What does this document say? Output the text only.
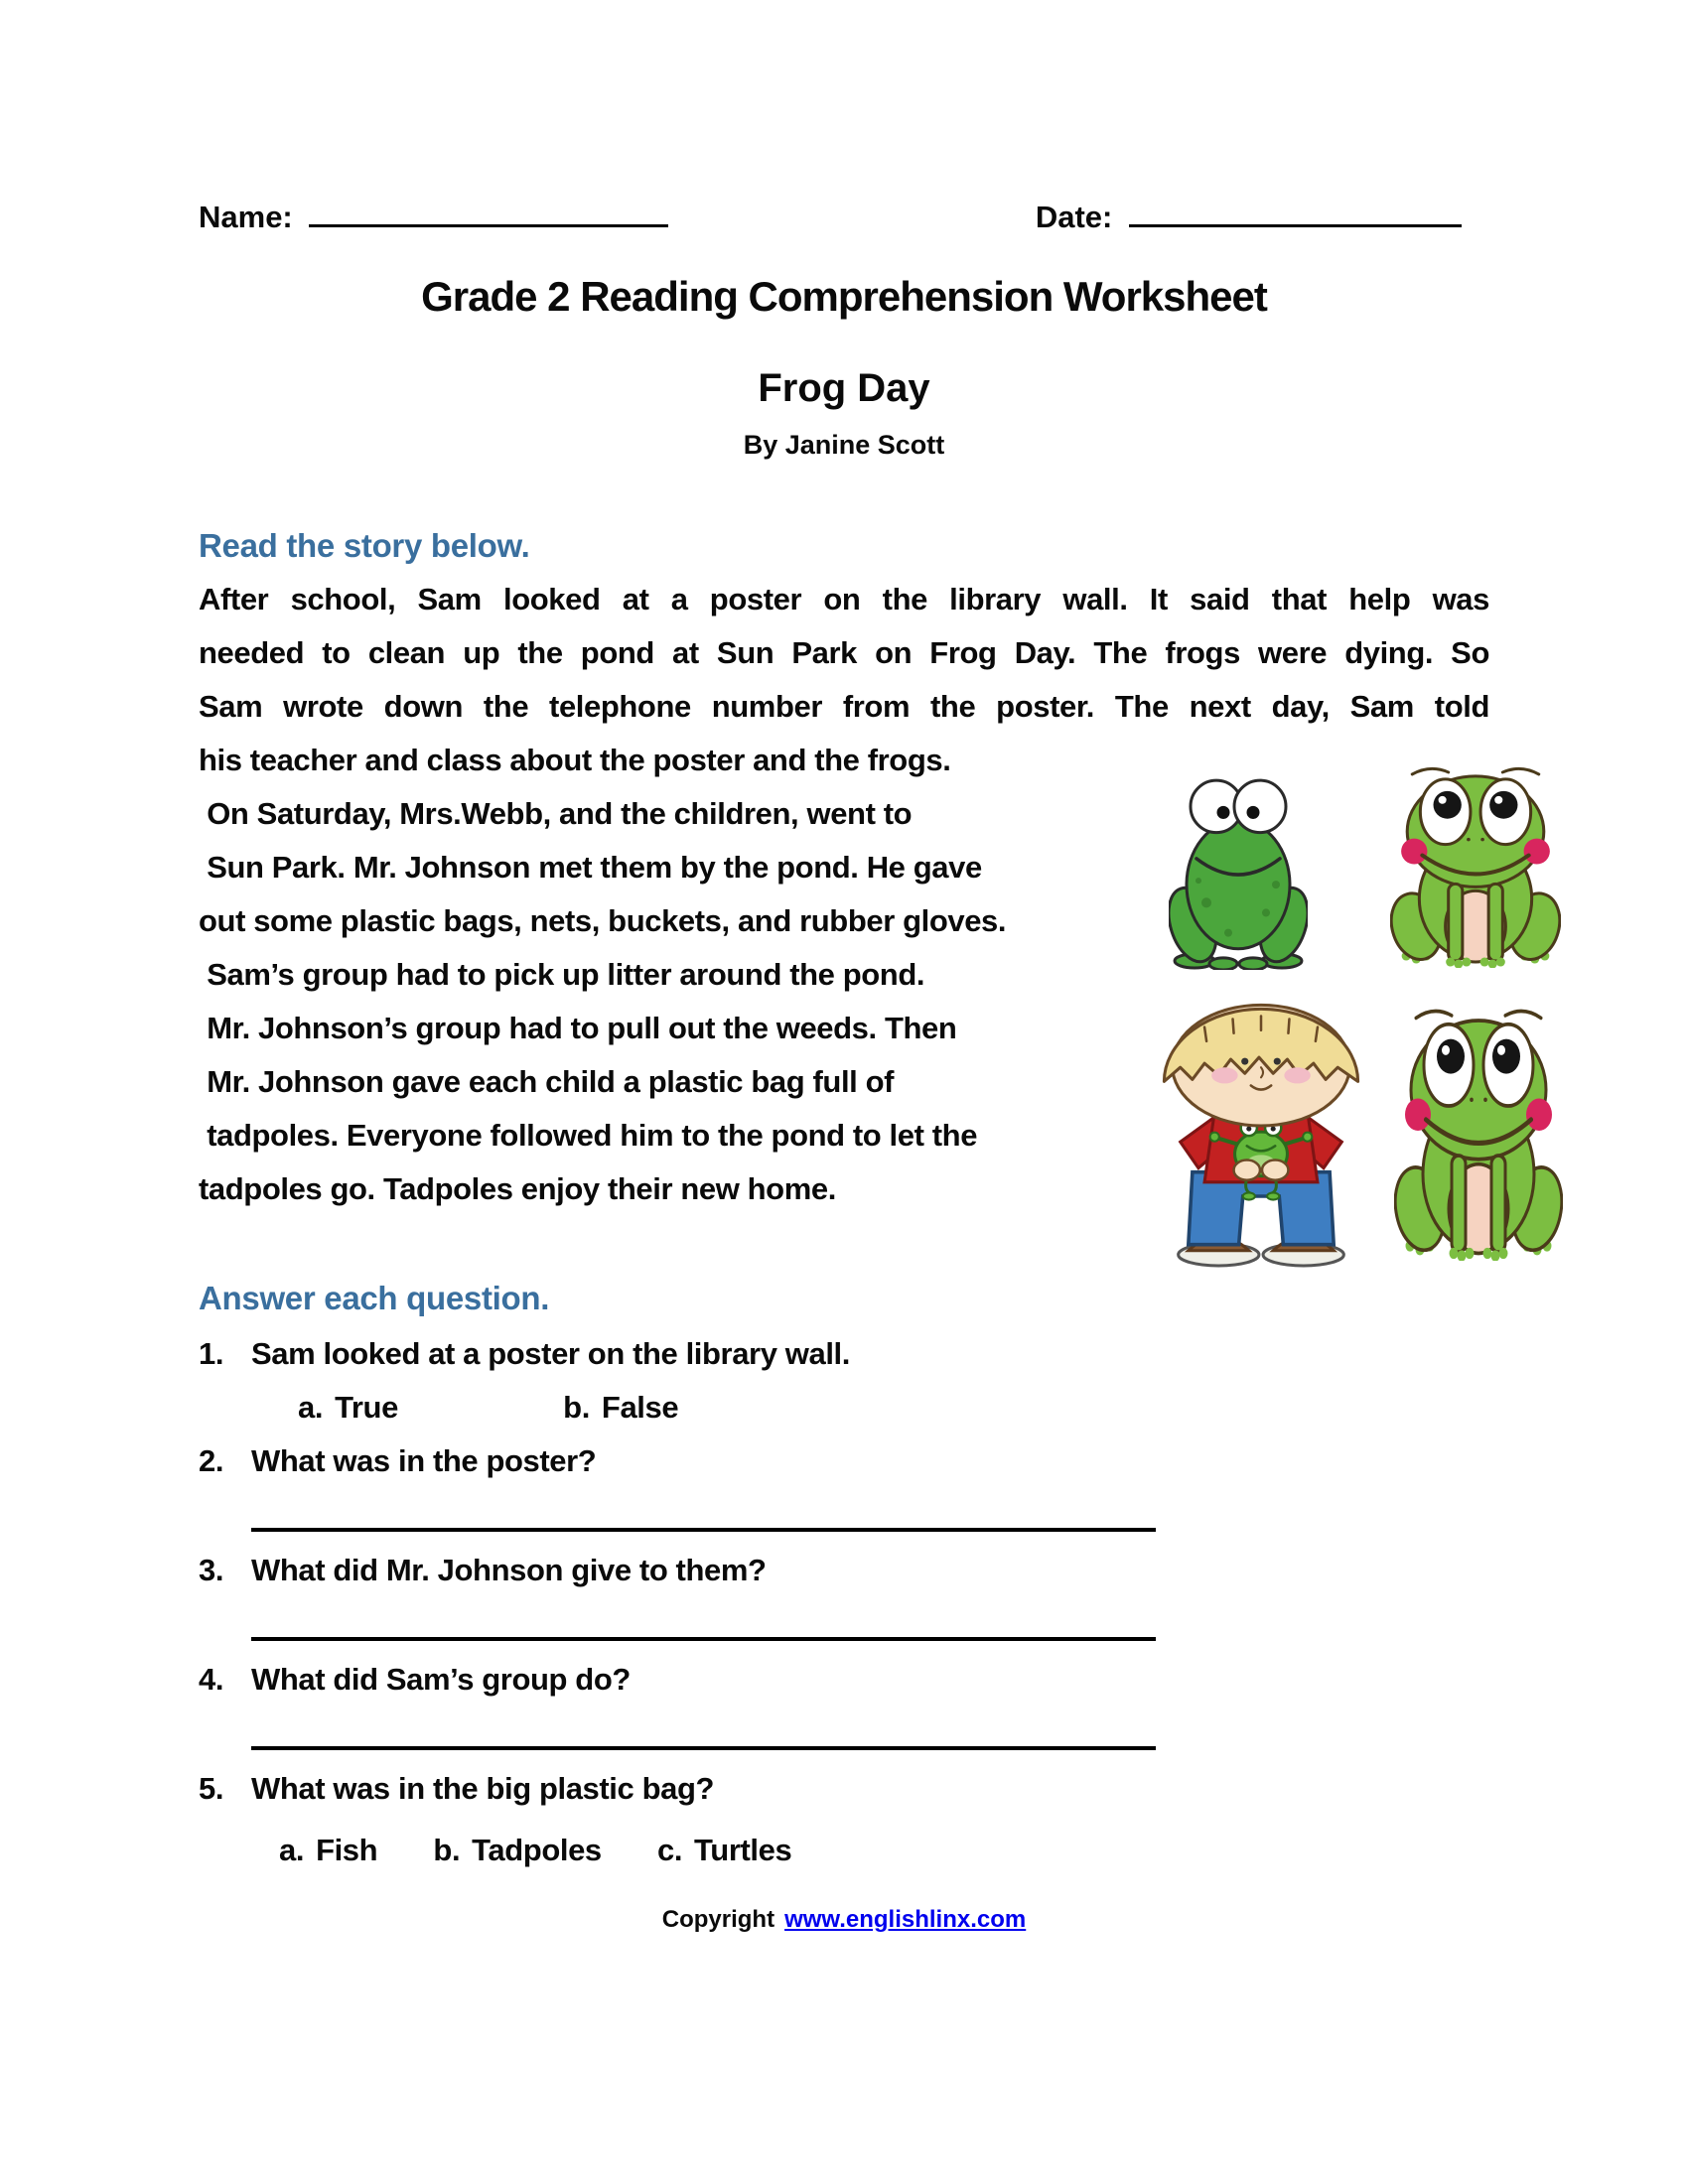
Name:	Date:
Grade 2 Reading Comprehension Worksheet
Frog Day
By Janine Scott
Read the story below.
After school, Sam looked at a poster on the library wall. It said that help was
needed to clean up the pond at Sun Park on Frog Day. The frogs were dying. So
Sam wrote down the telephone number from the poster. The next day, Sam told
his teacher and class about the poster and the frogs.
On Saturday, Mrs.Webb, and the children, went to
Sun Park. Mr. Johnson met them by the pond. He gave
out some plastic bags, nets, buckets, and rubber gloves.
Sam’s group had to pick up litter around the pond.
Mr. Johnson’s group had to pull out the weeds. Then
Mr. Johnson gave each child a plastic bag full of
tadpoles. Everyone followed him to the pond to let the
tadpoles go. Tadpoles enjoy their new home.
Answer each question.
1. Sam looked at a poster on the library wall.
a. True	b. False
2. What was in the poster?
3. What did Mr. Johnson give to them?
4. What did Sam’s group do?
5. What was in the big plastic bag?
a. Fish b. Tadpoles c. Turtles
Copyright www.englishlinx.com
